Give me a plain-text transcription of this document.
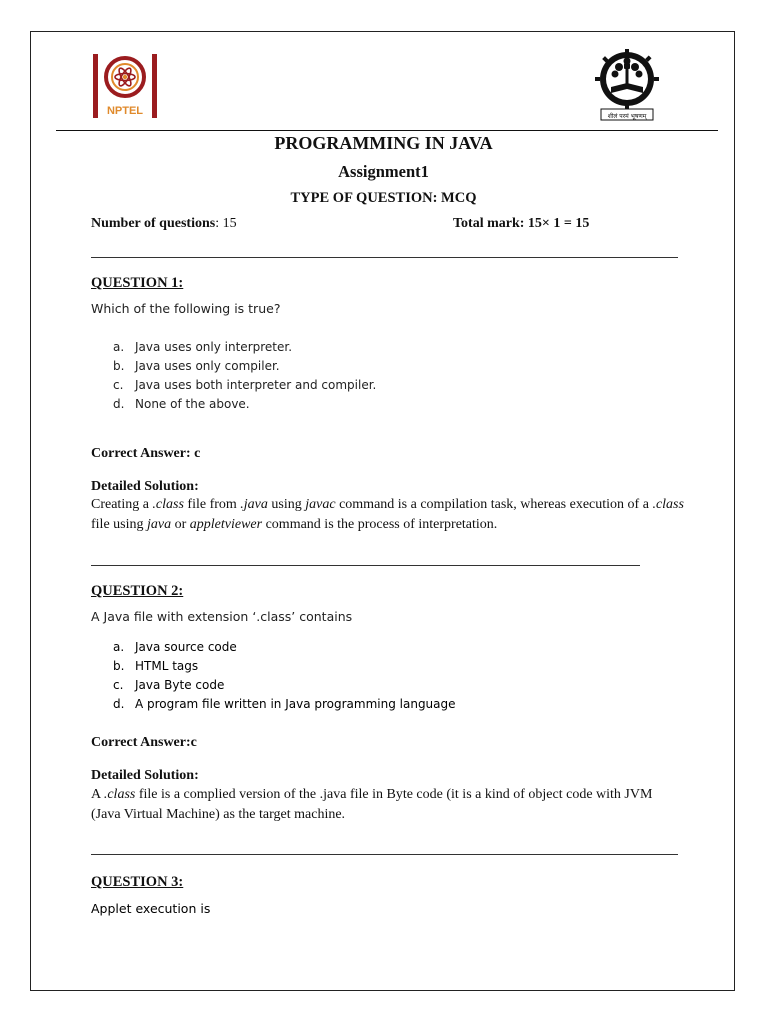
NPTEL	शीलं परमं भूषणम्
PROGRAMMING IN JAVA
Assignment1
TYPE OF QUESTION: MCQ
Number of questions: 15	Total mark: 15× 1 = 15
QUESTION 1:
Which of the following is true?
a. Java uses only interpreter.
b. Java uses only compiler.
c. Java uses both interpreter and compiler.
d. None of the above.
Correct Answer: c
Detailed Solution:
Creating a .class file from .java using javac command is a compilation task, whereas execution of a .class file using java or appletviewer command is the process of interpretation.
QUESTION 2:
A Java file with extension ‘.class’ contains
a. Java source code
b. HTML tags
c. Java Byte code
d. A program file written in Java programming language
Correct Answer:c
Detailed Solution:
A .class file is a complied version of the .java file in Byte code (it is a kind of object code with JVM (Java Virtual Machine) as the target machine.
QUESTION 3:
Applet execution is
